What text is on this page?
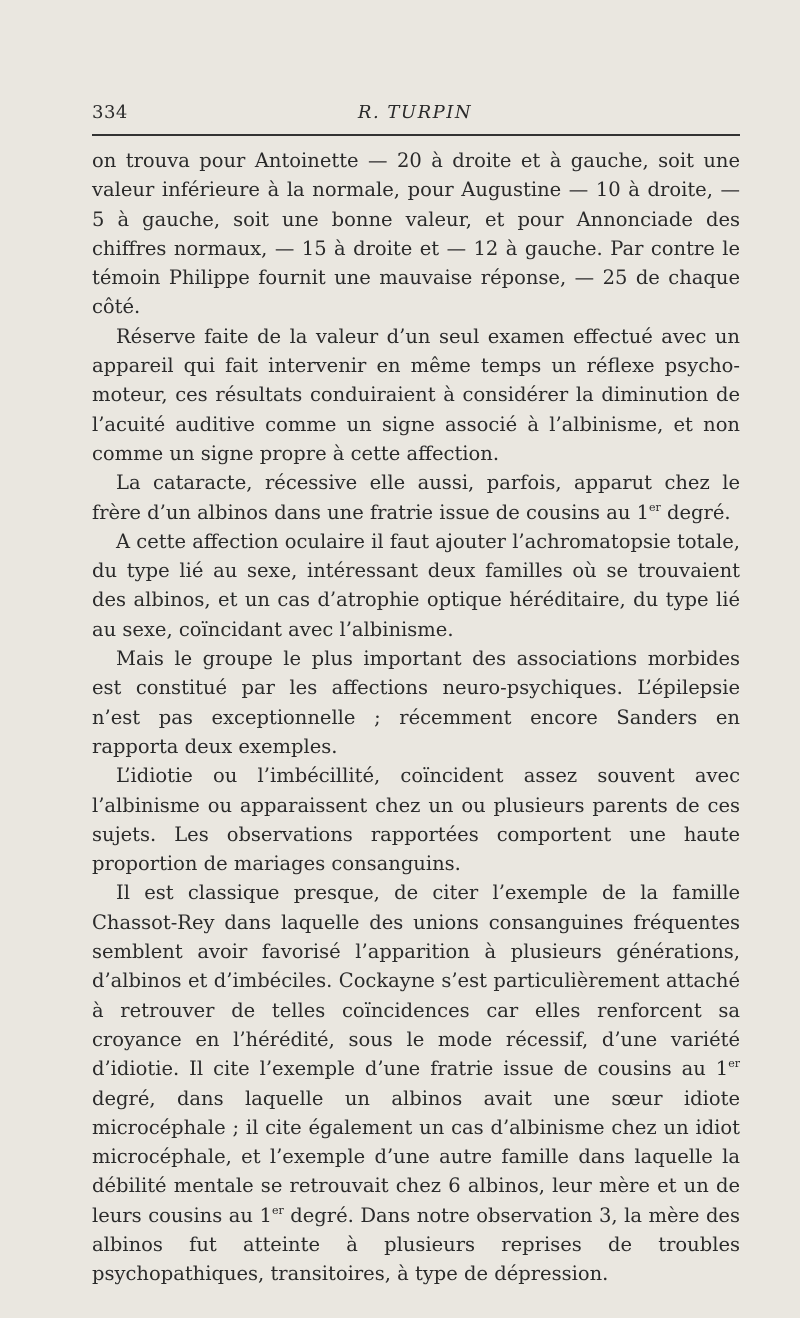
334	R. TURPIN

on trouva pour Antoinette — 20 à droite et à gauche, soit une valeur inférieure à la normale, pour Augustine — 10 à droite, — 5 à gauche, soit une bonne valeur, et pour Annonciade des chiffres normaux, — 15 à droite et — 12 à gauche. Par contre le témoin Philippe fournit une mauvaise réponse, — 25 de chaque côté.

Réserve faite de la valeur d’un seul examen effectué avec un appareil qui fait intervenir en même temps un réflexe psycho-moteur, ces résultats conduiraient à considérer la diminution de l’acuité auditive comme un signe associé à l’albinisme, et non comme un signe propre à cette affection.

La cataracte, récessive elle aussi, parfois, apparut chez le frère d’un albinos dans une fratrie issue de cousins au 1er degré.

A cette affection oculaire il faut ajouter l’achromatopsie totale, du type lié au sexe, intéressant deux familles où se trouvaient des albinos, et un cas d’atrophie optique héréditaire, du type lié au sexe, coïncidant avec l’albinisme.

Mais le groupe le plus important des associations morbides est constitué par les affections neuro-psychiques. L’épilepsie n’est pas exceptionnelle ; récemment encore Sanders en rapporta deux exemples.

L’idiotie ou l’imbécillité, coïncident assez souvent avec l’albinisme ou apparaissent chez un ou plusieurs parents de ces sujets. Les observations rapportées comportent une haute proportion de mariages consanguins.

Il est classique presque, de citer l’exemple de la famille Chassot-Rey dans laquelle des unions consanguines fréquentes semblent avoir favorisé l’apparition à plusieurs générations, d’albinos et d’imbéciles. Cockayne s’est particulièrement attaché à retrouver de telles coïncidences car elles renforcent sa croyance en l’hérédité, sous le mode récessif, d’une variété d’idiotie. Il cite l’exemple d’une fratrie issue de cousins au 1er degré, dans laquelle un albinos avait une sœur idiote microcéphale ; il cite également un cas d’albinisme chez un idiot microcéphale, et l’exemple d’une autre famille dans laquelle la débilité mentale se retrouvait chez 6 albinos, leur mère et un de leurs cousins au 1er degré. Dans notre observation 3, la mère des albinos fut atteinte à plusieurs reprises de troubles psychopathiques, transitoires, à type de dépression.
